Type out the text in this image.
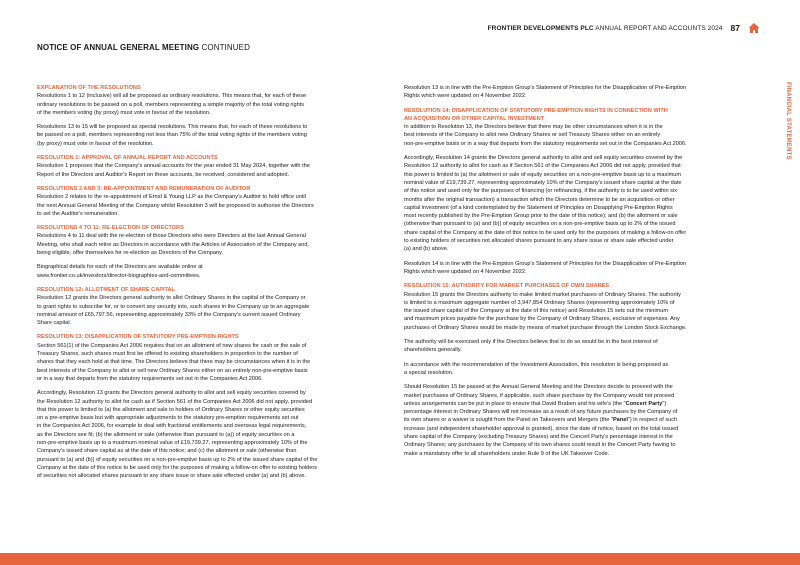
FRONTIER DEVELOPMENTS PLC ANNUAL REPORT AND ACCOUNTS 2024 87
NOTICE OF ANNUAL GENERAL MEETING CONTINUED
FINANCIAL STATEMENTS
EXPLANATION OF THE RESOLUTIONS

Resolutions 1 to 12 (inclusive) will all be proposed as ordinary resolutions. This means that, for each of these
ordinary resolutions to be passed on a poll, members representing a simple majority of the total voting rights
of the members voting (by proxy) must vote in favour of the resolution.

Resolutions 13 to 15 will be proposed as special resolutions. This means that, for each of these resolutions to
be passed on a poll, members representing not less than 75% of the total voting rights of the members voting
(by proxy) must vote in favour of the resolution.

RESOLUTION 1: APPROVAL OF ANNUAL REPORT AND ACCOUNTS

Resolution 1 proposes that the Company's annual accounts for the year ended 31 May 2024, together with the
Report of the Directors and Auditor's Report on these accounts, be received, considered and adopted.

RESOLUTIONS 2 AND 3: RE-APPOINTMENT AND REMUNERATION OF AUDITOR

Resolution 2 relates to the re-appointment of Ernst & Young LLP as the Company's Auditor to hold office until
the next Annual General Meeting of the Company whilst Resolution 3 will be proposed to authorise the Directors
to set the Auditor's remuneration.

RESOLUTIONS 4 TO 11: RE-ELECTION OF DIRECTORS

Resolutions 4 to 11 deal with the re-election of those Directors who were Directors at the last Annual General
Meeting, who shall each retire as Directors in accordance with the Articles of Association of the Company and,
being eligible, offer themselves for re-election as Directors of the Company.

Biographical details for each of the Directors are available online at
www.frontier.co.uk/investors/director-biographies-and-committees.

RESOLUTION 12: ALLOTMENT OF SHARE CAPITAL

Resolution 12 grants the Directors general authority to allot Ordinary Shares in the capital of the Company or
to grant rights to subscribe for, or to convert any security into, such shares in the Company up to an aggregate
nominal amount of £65,797.56, representing approximately 33% of the Company's current issued Ordinary
Share capital.

RESOLUTION 13: DISAPPLICATION OF STATUTORY PRE-EMPTION RIGHTS

Section 561(1) of the Companies Act 2006 requires that on an allotment of new shares for cash or the sale of
Treasury Shares, such shares must first be offered to existing shareholders in proportion to the number of
shares that they each hold at that time. The Directors believe that there may be circumstances when it is in the
best interests of the Company to allot or sell new Ordinary Shares either on an entirely non-pre-emptive basis
or in a way that departs from the statutory requirements set out in the Companies Act 2006.

Accordingly, Resolution 13 grants the Directors general authority to allot and sell equity securities covered by
the Resolution 12 authority to allot for cash as if Section 561 of the Companies Act 2006 did not apply, provided
that this power is limited to (a) the allotment and sale to holders of Ordinary Shares or other equity securities
on a pre-emptive basis but with appropriate adjustments to the statutory pre-emption requirements set out
in the Companies Act 2006, for example to deal with fractional entitlements and overseas legal requirements,
as the Directors see fit; (b) the allotment or sale (otherwise than pursuant to (a)) of equity securities on a
non-pre-emptive basis up to a maximum nominal value of £19,739.27, representing approximately 10% of the
Company's issued share capital as at the date of this notice; and (c) the allotment or sale (otherwise than
pursuant to (a) and (b)) of equity securities on a non-pre-emptive basis up to 2% of the issued share capital of the
Company at the date of this notice to be used only for the purposes of making a follow-on offer to existing holders
of securities not allocated shares pursuant to any share issue or share sale effected under (a) and (b) above.

Resolution 13 is in line with the Pre-Emption Group's Statement of Principles for the Disapplication of Pre-Emption
Rights which were updated on 4 November 2022.

RESOLUTION 14: DISAPPLICATION OF STATUTORY PRE-EMPTION RIGHTS IN CONNECTION WITH
AN ACQUISITION OR OTHER CAPITAL INVESTMENT

In addition to Resolution 13, the Directors believe that there may be other circumstances when it is in the
best interests of the Company to allot new Ordinary Shares or sell Treasury Shares either on an entirely
non-pre-emptive basis or in a way that departs from the statutory requirements set out in the Companies Act 2006.

Accordingly, Resolution 14 grants the Directors general authority to allot and sell equity securities covered by the
Resolution 12 authority to allot for cash as if Section 561 of the Companies Act 2006 did not apply, provided that
this power is limited to (a) the allotment or sale of equity securities on a non-pre-emptive basis up to a maximum
nominal value of £19,739.27, representing approximately 10% of the Company's issued share capital at the date
of this notice and used only for the purposes of financing (or refinancing, if the authority is to be used within six
months after the original transaction) a transaction which the Directors determine to be an acquisition or other
capital investment (of a kind contemplated by the Statement of Principles on Disapplying Pre-Emption Rights
most recently published by the Pre-Emption Group prior to the date of this notice); and (b) the allotment or sale
(otherwise than pursuant to (a) and (b)) of equity securities on a non-pre-emptive basis up to 2% of the issued
share capital of the Company at the date of this notice to be used only for the purposes of making a follow-on offer
to existing holders of securities not allocated shares pursuant to any share issue or share sale effected under
(a) and (b) above.

Resolution 14 is in line with the Pre-Emption Group's Statement of Principles for the Disapplication of Pre-Emption
Rights which were updated on 4 November 2022.

RESOLUTION 15: AUTHORITY FOR MARKET PURCHASES OF OWN SHARES

Resolution 15 grants the Directors authority to make limited market purchases of Ordinary Shares. The authority
is limited to a maximum aggregate number of 3,947,854 Ordinary Shares (representing approximately 10% of
the issued share capital of the Company at the date of this notice) and Resolution 15 sets out the minimum
and maximum prices payable for the purchase by the Company of Ordinary Shares, exclusive of expenses. Any
purchases of Ordinary Shares would be made by means of market purchase through the London Stock Exchange.

The authority will be exercised only if the Directors believe that to do so would be in the best interest of
shareholders generally.

In accordance with the recommendation of the Investment Association, this resolution is being proposed as
a special resolution.

Should Resolution 15 be passed at the Annual General Meeting and the Directors decide to proceed with the
market purchases of Ordinary Shares, if applicable, such share purchase by the Company would not proceed
unless arrangements can be put in place to ensure that David Braben and his wife's (the "Concert Party")
percentage interest in Ordinary Shares will not increase as a result of any future purchases by the Company of
its own shares or a waiver is sought from the Panel on Takeovers and Mergers (the "Panel") in respect of such
increase (and independent shareholder approval is granted), since the date of notice, based on the total issued
share capital of the Company (excluding Treasury Shares) and the Concert Party's percentage interest in the
Ordinary Shares; any purchases by the Company of its own shares could result in the Concert Party having to
make a mandatory offer to all shareholders under Rule 9 of the UK Takeover Code.
